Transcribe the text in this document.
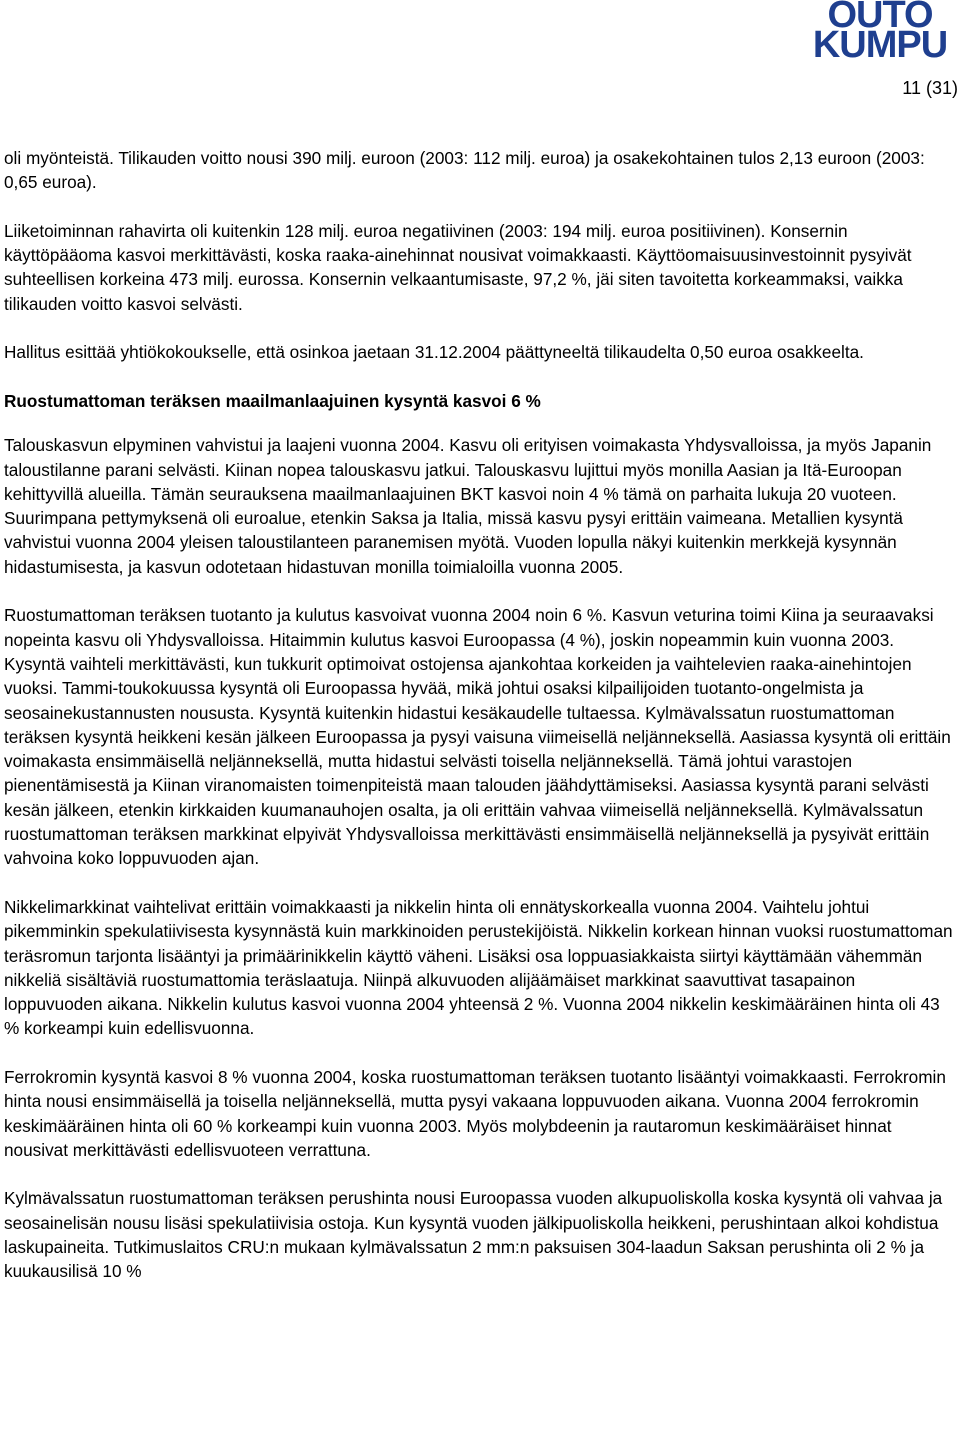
OUTO
KUMPU
11 (31)

oli myönteistä. Tilikauden voitto nousi 390 milj. euroon (2003: 112 milj. euroa) ja osakekohtainen tulos 2,13 euroon (2003: 0,65 euroa).

Liiketoiminnan rahavirta oli kuitenkin 128 milj. euroa negatiivinen (2003: 194 milj. euroa positiivinen). Konsernin käyttöpääoma kasvoi merkittävästi, koska raaka-ainehinnat nousivat voimakkaasti. Käyttöomaisuusinvestoinnit pysyivät suhteellisen korkeina 473 milj. eurossa. Konsernin velkaantumisaste, 97,2 %, jäi siten tavoitetta korkeammaksi, vaikka tilikauden voitto kasvoi selvästi.

Hallitus esittää yhtiökokoukselle, että osinkoa jaetaan 31.12.2004 päättyneeltä tilikaudelta 0,50 euroa osakkeelta.

Ruostumattoman teräksen maailmanlaajuinen kysyntä kasvoi 6 %

Talouskasvun elpyminen vahvistui ja laajeni vuonna 2004. Kasvu oli erityisen voimakasta Yhdysvalloissa, ja myös Japanin taloustilanne parani selvästi. Kiinan nopea talouskasvu jatkui. Talouskasvu lujittui myös monilla Aasian ja Itä-Euroopan kehittyvillä alueilla. Tämän seurauksena maailmanlaajuinen BKT kasvoi noin 4 % tämä on parhaita lukuja 20 vuoteen. Suurimpana pettymyksenä oli euroalue, etenkin Saksa ja Italia, missä kasvu pysyi erittäin vaimeana. Metallien kysyntä vahvistui vuonna 2004 yleisen taloustilanteen paranemisen myötä. Vuoden lopulla näkyi kuitenkin merkkejä kysynnän hidastumisesta, ja kasvun odotetaan hidastuvan monilla toimialoilla vuonna 2005.

Ruostumattoman teräksen tuotanto ja kulutus kasvoivat vuonna 2004 noin 6 %. Kasvun veturina toimi Kiina ja seuraavaksi nopeinta kasvu oli Yhdysvalloissa. Hitaimmin kulutus kasvoi Euroopassa (4 %), joskin nopeammin kuin vuonna 2003. Kysyntä vaihteli merkittävästi, kun tukkurit optimoivat ostojensa ajankohtaa korkeiden ja vaihtelevien raaka-ainehintojen vuoksi. Tammi-toukokuussa kysyntä oli Euroopassa hyvää, mikä johtui osaksi kilpailijoiden tuotanto-ongelmista ja seosainekustannusten noususta. Kysyntä kuitenkin hidastui kesäkaudelle tultaessa. Kylmävalssatun ruostumattoman teräksen kysyntä heikkeni kesän jälkeen Euroopassa ja pysyi vaisuna viimeisellä neljänneksellä. Aasiassa kysyntä oli erittäin voimakasta ensimmäisellä neljänneksellä, mutta hidastui selvästi toisella neljänneksellä. Tämä johtui varastojen pienentämisestä ja Kiinan viranomaisten toimenpiteistä maan talouden jäähdyttämiseksi. Aasiassa kysyntä parani selvästi kesän jälkeen, etenkin kirkkaiden kuumanauhojen osalta, ja oli erittäin vahvaa viimeisellä neljänneksellä. Kylmävalssatun ruostumattoman teräksen markkinat elpyivät Yhdysvalloissa merkittävästi ensimmäisellä neljänneksellä ja pysyivät erittäin vahvoina koko loppuvuoden ajan.

Nikkelimarkkinat vaihtelivat erittäin voimakkaasti ja nikkelin hinta oli ennätyskorkealla vuonna 2004. Vaihtelu johtui pikemminkin spekulatiivisesta kysynnästä kuin markkinoiden perustekijöistä. Nikkelin korkean hinnan vuoksi ruostumattoman teräsromun tarjonta lisääntyi ja primäärinikkelin käyttö väheni. Lisäksi osa loppuasiakkaista siirtyi käyttämään vähemmän nikkeliä sisältäviä ruostumattomia teräslaatuja. Niinpä alkuvuoden alijäämäiset markkinat saavuttivat tasapainon loppuvuoden aikana. Nikkelin kulutus kasvoi vuonna 2004 yhteensä 2 %. Vuonna 2004 nikkelin keskimääräinen hinta oli 43 % korkeampi kuin edellisvuonna.

Ferrokromin kysyntä kasvoi 8 % vuonna 2004, koska ruostumattoman teräksen tuotanto lisääntyi voimakkaasti. Ferrokromin hinta nousi ensimmäisellä ja toisella neljänneksellä, mutta pysyi vakaana loppuvuoden aikana. Vuonna 2004 ferrokromin keskimääräinen hinta oli 60 % korkeampi kuin vuonna 2003. Myös molybdeenin ja rautaromun keskimääräiset hinnat nousivat merkittävästi edellisvuoteen verrattuna.

Kylmävalssatun ruostumattoman teräksen perushinta nousi Euroopassa vuoden alkupuoliskolla koska kysyntä oli vahvaa ja seosainelisän nousu lisäsi spekulatiivisia ostoja. Kun kysyntä vuoden jälkipuoliskolla heikkeni, perushintaan alkoi kohdistua laskupaineita. Tutkimuslaitos CRU:n mukaan kylmävalssatun 2 mm:n paksuisen 304-laadun Saksan perushinta oli 2 % ja kuukausilisä 10 %
